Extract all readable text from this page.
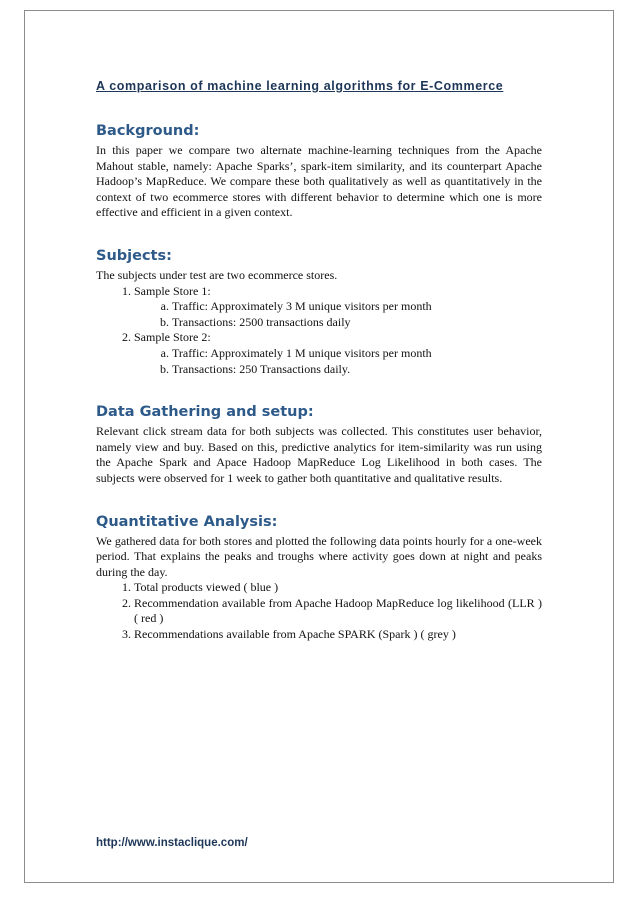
A comparison of machine learning algorithms for E-Commerce
Background:

In this paper we compare two alternate machine-learning techniques from the Apache Mahout stable, namely: Apache Sparks’, spark-item similarity, and its counterpart Apache Hadoop’s MapReduce. We compare these both qualitatively as well as quantitatively in the context of two ecommerce stores with different behavior to determine which one is more effective and efficient in a given context.

Subjects:

The subjects under test are two ecommerce stores.

1. Sample Store 1:
a. Traffic: Approximately 3 M unique visitors per month
b. Transactions: 2500 transactions daily
2. Sample Store 2:
a. Traffic: Approximately 1 M unique visitors per month
b. Transactions: 250 Transactions daily.
Data Gathering and setup:

Relevant click stream data for both subjects was collected. This constitutes user behavior, namely view and buy. Based on this, predictive analytics for item-similarity was run using the Apache Spark and Apace Hadoop MapReduce Log Likelihood in both cases. The subjects were observed for 1 week to gather both quantitative and qualitative results.

Quantitative Analysis:

We gathered data for both stores and plotted the following data points hourly for a one-week period. That explains the peaks and troughs where activity goes down at night and peaks during the day.

1. Total products viewed ( blue )
2. Recommendation available from Apache Hadoop MapReduce log likelihood (LLR ) ( red )
3. Recommendations available from Apache SPARK (Spark ) ( grey )

http://www.instaclique.com/
